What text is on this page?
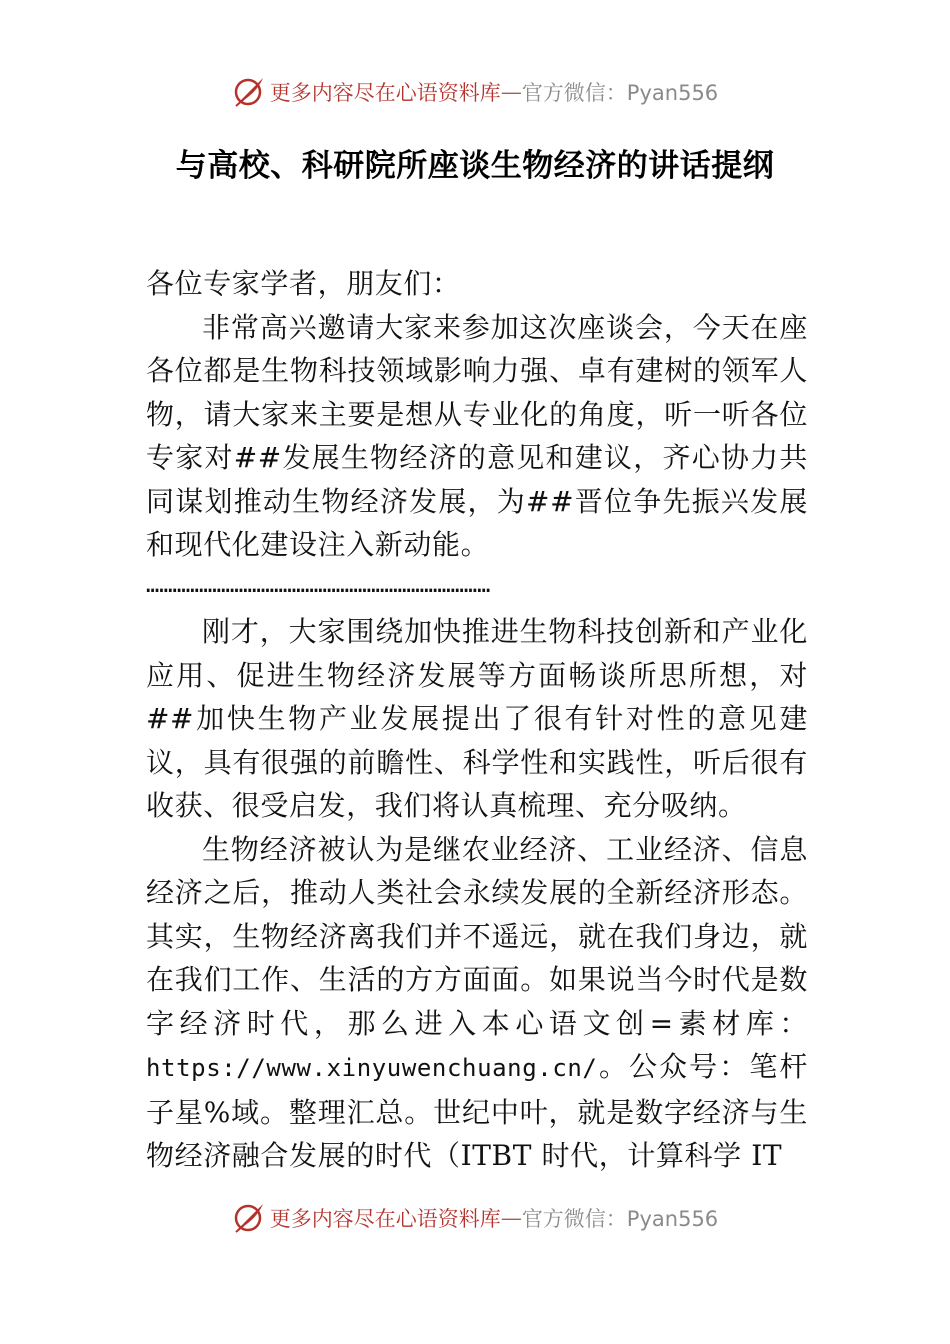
更多内容尽在心语资料库 — 官方微信：Pyan556
与高校、科研院所座谈生物经济的讲话提纲

各位专家学者，朋友们：

非常高兴邀请大家来参加这次座谈会，今天在座各位都是生物科技领域影响力强、卓有建树的领军人物，请大家来主要是想从专业化的角度，听一听各位专家对##发展生物经济的意见和建议，齐心协力共同谋划推动生物经济发展，为##晋位争先振兴发展和现代化建设注入新动能。

……………………………………………………………………

刚才，大家围绕加快推进生物科技创新和产业化应用、促进生物经济发展等方面畅谈所思所想，对##加快生物产业发展提出了很有针对性的意见建议，具有很强的前瞻性、科学性和实践性，听后很有收获、很受启发，我们将认真梳理、充分吸纳。

生物经济被认为是继农业经济、工业经济、信息经济之后，推动人类社会永续发展的全新经济形态。其实，生物经济离我们并不遥远，就在我们身边，就在我们工作、生活的方方面面。如果说当今时代是数字经济时代，那么进入本心语文创=素材库：https://www.xinyuwenchuang.cn/。公众号：笔杆子星%域。整理汇总。世纪中叶，就是数字经济与生物经济融合发展的时代（ITBT 时代，计算科学 IT

更多内容尽在心语资料库 — 官方微信：Pyan556
